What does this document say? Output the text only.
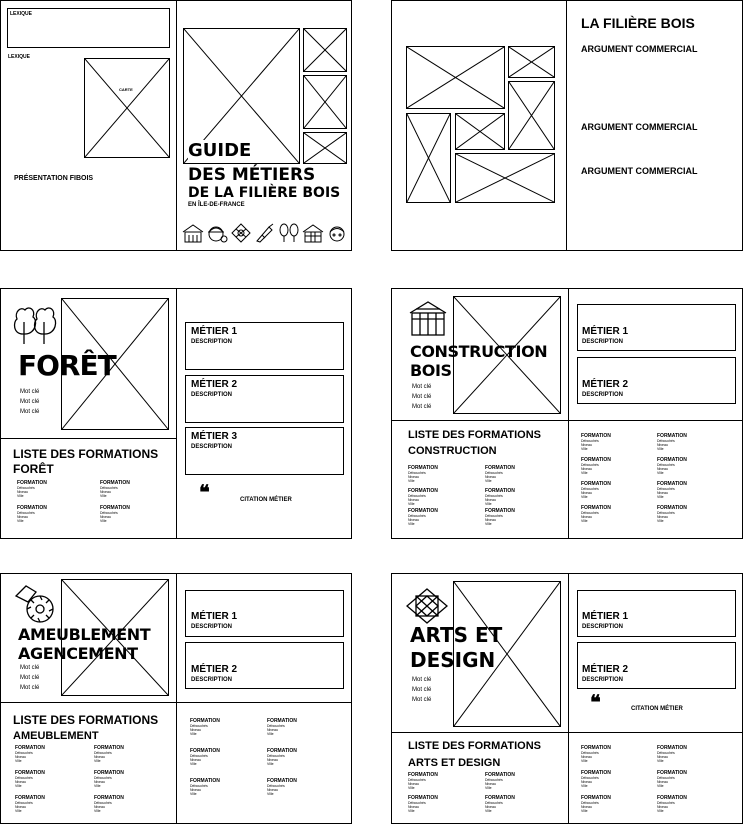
LEXIQUE
LEXIQUE
CARTE
PRÉSENTATION FIBOIS
GUIDE
DES MÉTIERS
DE LA FILIÈRE BOIS
EN ÎLE-DE-FRANCE
LA FILIÈRE BOIS
ARGUMENT COMMERCIAL
ARGUMENT COMMERCIAL
ARGUMENT COMMERCIAL
FORÊT
Mot clé
Mot clé
Mot clé
LISTE DES FORMATIONS
FORÊT
MÉTIER 1
DESCRIPTION
MÉTIER 2
DESCRIPTION
MÉTIER 3
DESCRIPTION
❝	CITATION MÉTIER
CONSTRUCTION
BOIS
Mot clé
Mot clé
Mot clé
LISTE DES FORMATIONS
CONSTRUCTION
MÉTIER 1
DESCRIPTION
MÉTIER 2
DESCRIPTION
AMEUBLEMENT
AGENCEMENT
Mot clé
Mot clé
Mot clé
LISTE DES FORMATIONS
AMEUBLEMENT
MÉTIER 1
DESCRIPTION
MÉTIER 2
DESCRIPTION
ARTS ET
DESIGN
Mot clé
Mot clé
Mot clé
LISTE DES FORMATIONS
ARTS ET DESIGN
MÉTIER 1
DESCRIPTION
MÉTIER 2
DESCRIPTION
❝	CITATION MÉTIER
FORMATION
Débouchés
Niveau
Ville
FORMATION
Débouchés
Niveau
Ville
FORMATION
Débouchés
Niveau
Ville
FORMATION
Débouchés
Niveau
Ville
FORMATION
Débouchés
Niveau
Ville
FORMATION
Débouchés
Niveau
Ville
FORMATION
Débouchés
Niveau
Ville
FORMATION
Débouchés
Niveau
Ville
FORMATION
Débouchés
Niveau
Ville
FORMATION
Débouchés
Niveau
Ville
FORMATION
Débouchés
Niveau
Ville
FORMATION
Débouchés
Niveau
Ville
FORMATION
Débouchés
Niveau
Ville
FORMATION
Débouchés
Niveau
Ville
FORMATION
Débouchés
Niveau
Ville
FORMATION
Débouchés
Niveau
Ville
FORMATION
Débouchés
Niveau
Ville
FORMATION
Débouchés
Niveau
Ville
FORMATION
Débouchés
Niveau
Ville
FORMATION
Débouchés
Niveau
Ville
FORMATION
Débouchés
Niveau
Ville
FORMATION
Débouchés
Niveau
Ville
FORMATION
Débouchés
Niveau
Ville
FORMATION
Débouchés
Niveau
Ville
FORMATION
Débouchés
Niveau
Ville
FORMATION
Débouchés
Niveau
Ville
FORMATION
Débouchés
Niveau
Ville
FORMATION
Débouchés
Niveau
Ville
FORMATION
Débouchés
Niveau
Ville
FORMATION
Débouchés
Niveau
Ville
FORMATION
Débouchés
Niveau
Ville
FORMATION
Débouchés
Niveau
Ville
FORMATION
Débouchés
Niveau
Ville
FORMATION
Débouchés
Niveau
Ville
FORMATION
Débouchés
Niveau
Ville
FORMATION
Débouchés
Niveau
Ville
FORMATION
Débouchés
Niveau
Ville
FORMATION
Débouchés
Niveau
Ville
FORMATION
Débouchés
Niveau
Ville
FORMATION
Débouchés
Niveau
Ville
